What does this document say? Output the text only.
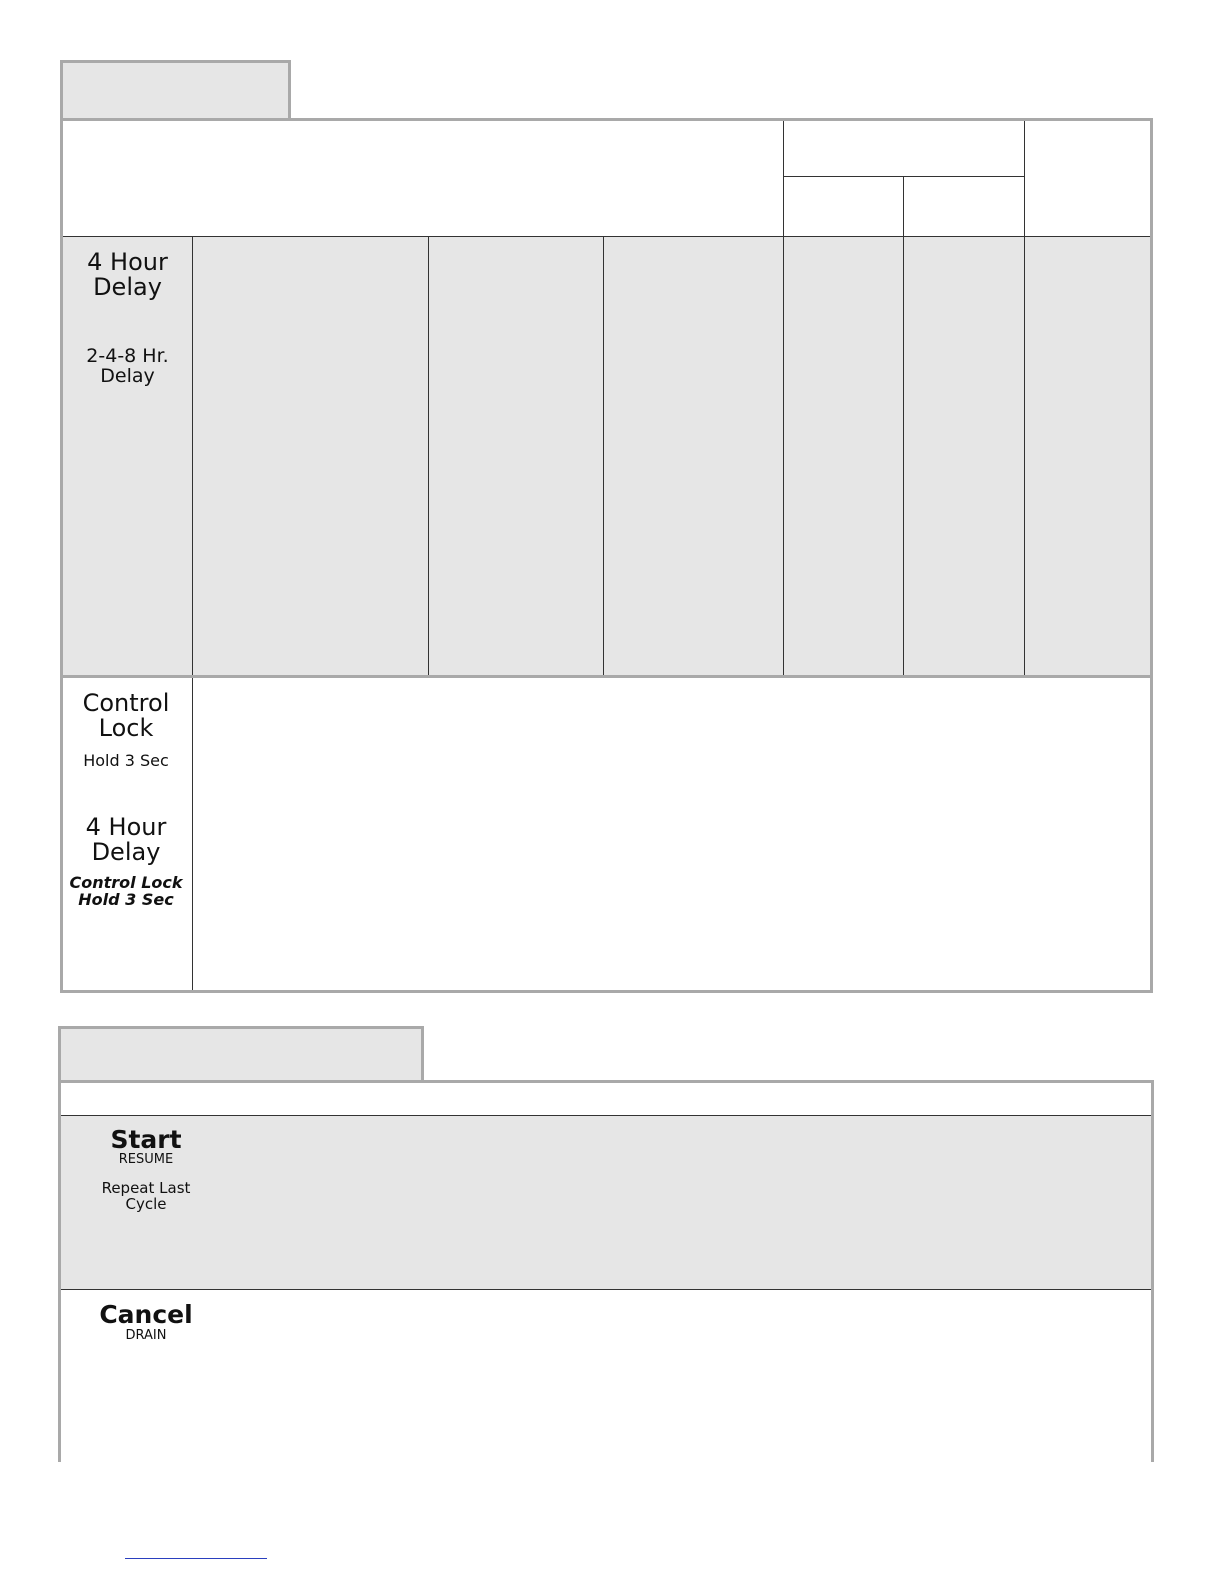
4 Hour
Delay
2-4-8 Hr.
Delay
Control
Lock
Hold 3 Sec
4 Hour
Delay
Control Lock
Hold 3 Sec
Start
RESUME
Repeat Last
Cycle
Cancel
DRAIN
